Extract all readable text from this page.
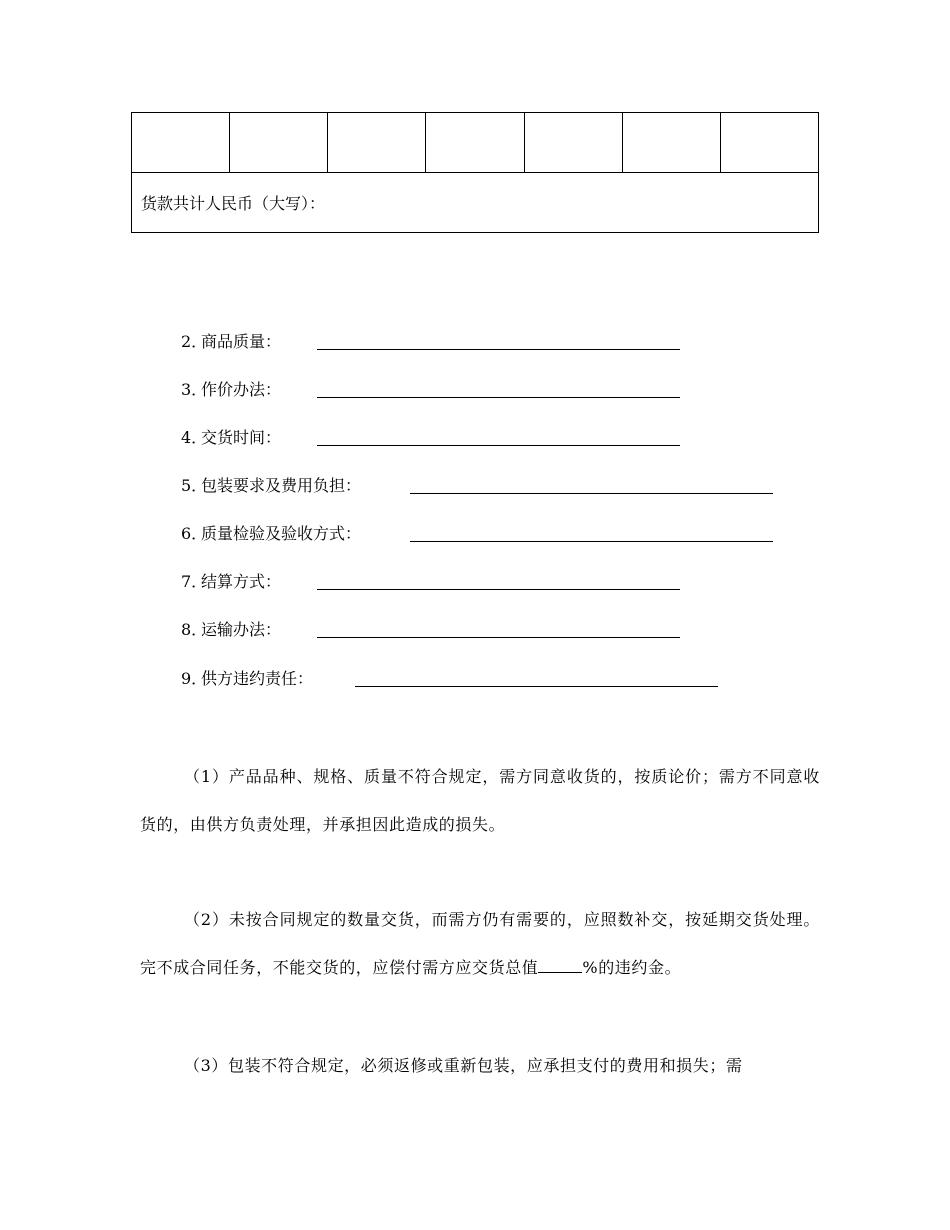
货款共计人民币（大写）：
2．商品质量：
3．作价办法：
4．交货时间：
5．包装要求及费用负担：
6．质量检验及验收方式：
7．结算方式：
8．运输办法：
9．供方违约责任：
（1）产品品种、规格、质量不符合规定，需方同意收货的，按质论价；需方不同意收货的，由供方负责处理，并承担因此造成的损失。
（2）未按合同规定的数量交货，而需方仍有需要的，应照数补交，按延期交货处理。完不成合同任务，不能交货的，应偿付需方应交货总值	%的违约金。
（3）包装不符合规定，必须返修或重新包装，应承担支付的费用和损失；需
